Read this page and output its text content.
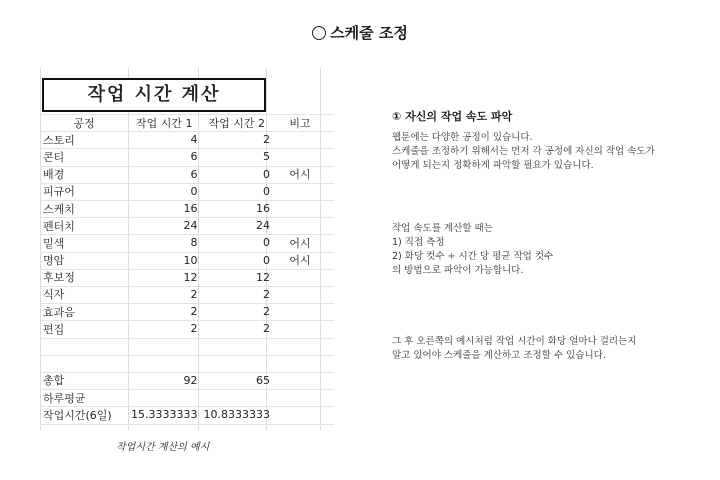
스케줄 조정
작업 시간 계산
공정	작업 시간 1	작업 시간 2	비고
스토리	4	2	
콘티	6	5	
배경	6	0	어시
피규어	0	0	
스케치	16	16	
펜터치	24	24	
밑색	8	0	어시
명암	10	0	어시
후보정	12	12	
식자	2	2	
효과음	2	2	
편집	2	2	

총합	92	65	
하루평균			
작업시간(6일)	15.3333333	10.8333333	
작업시간 계산의 예시
① 자신의 작업 속도 파악
웹툰에는 다양한 공정이 있습니다.
스케줄을 조정하기 위해서는 먼저 각 공정에 자신의 작업 속도가
어떻게 되는지 정확하게 파악할 필요가 있습니다.
작업 속도를 계산할 때는
1) 직접 측정
2) 화당 컷수 ÷ 시간 당 평균 작업 컷수
의 방법으로 파악이 가능합니다.
그 후 오른쪽의 예시처럼 작업 시간이 화당 얼마나 걸리는지
알고 있어야 스케줄을 계산하고 조정할 수 있습니다.
